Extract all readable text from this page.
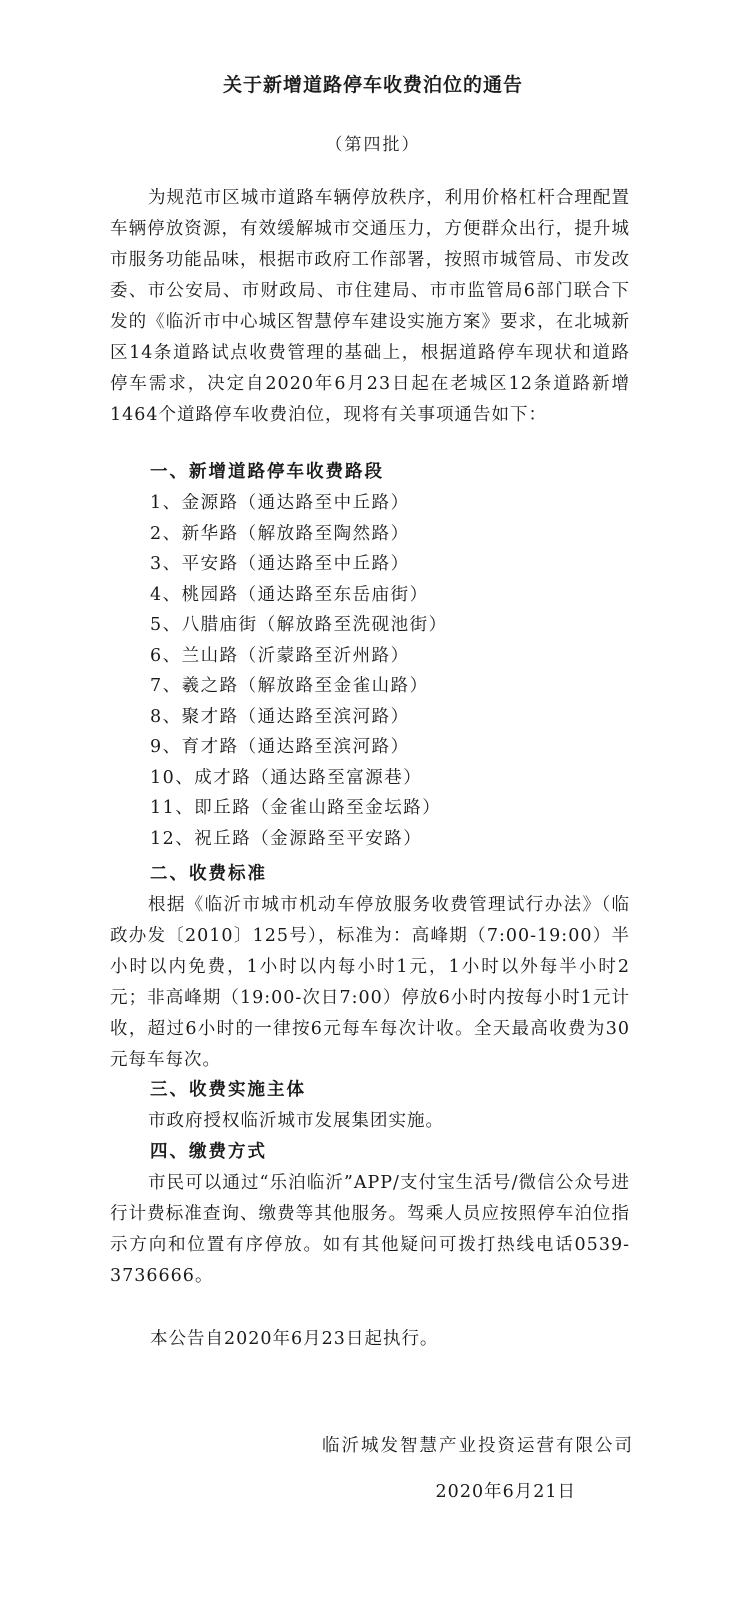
关于新增道路停车收费泊位的通告
（第四批）

为规范市区城市道路车辆停放秩序，利用价格杠杆合理配置车辆停放资源，有效缓解城市交通压力，方便群众出行，提升城市服务功能品味，根据市政府工作部署，按照市城管局、市发改委、市公安局、市财政局、市住建局、市市监管局6部门联合下发的《临沂市中心城区智慧停车建设实施方案》要求，在北城新区14条道路试点收费管理的基础上，根据道路停车现状和道路停车需求，决定自2020年6月23日起在老城区12条道路新增1464个道路停车收费泊位，现将有关事项通告如下：

一、新增道路停车收费路段
1、金源路（通达路至中丘路）
2、新华路（解放路至陶然路）
3、平安路（通达路至中丘路）
4、桃园路（通达路至东岳庙街）
5、八腊庙街（解放路至洗砚池街）
6、兰山路（沂蒙路至沂州路）
7、羲之路（解放路至金雀山路）
8、聚才路（通达路至滨河路）
9、育才路（通达路至滨河路）
10、成才路（通达路至富源巷）
11、即丘路（金雀山路至金坛路）
12、祝丘路（金源路至平安路）
二、收费标准

根据《临沂市城市机动车停放服务收费管理试行办法》（临政办发〔2010〕125号），标准为：高峰期（7:00-19:00）半小时以内免费，1小时以内每小时1元，1小时以外每半小时2元；非高峰期（19:00-次日7:00）停放6小时内按每小时1元计收，超过6小时的一律按6元每车每次计收。全天最高收费为30元每车每次。

三、收费实施主体

市政府授权临沂城市发展集团实施。

四、缴费方式

市民可以通过“乐泊临沂”APP/支付宝生活号/微信公众号进行计费标准查询、缴费等其他服务。驾乘人员应按照停车泊位指示方向和位置有序停放。如有其他疑问可拨打热线电话0539-3736666。

本公告自2020年6月23日起执行。
临沂城发智慧产业投资运营有限公司
2020年6月21日
